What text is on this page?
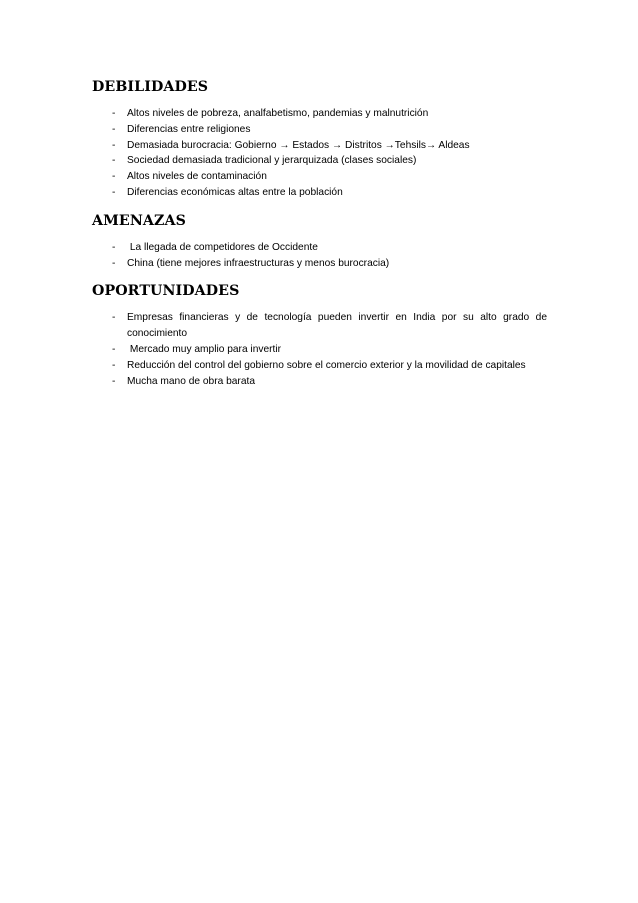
DEBILIDADES
- Altos niveles de pobreza, analfabetismo, pandemias y malnutrición
- Diferencias entre religiones
- Demasiada burocracia: Gobierno → Estados → Distritos →Tehsils→ Aldeas
- Sociedad demasiada tradicional y jerarquizada (clases sociales)
- Altos niveles de contaminación
- Diferencias económicas altas entre la población
AMENAZAS
- La llegada de competidores de Occidente
- China (tiene mejores infraestructuras y menos burocracia)
OPORTUNIDADES
- Empresas financieras y de tecnología pueden invertir en India por su alto grado de conocimiento
- Mercado muy amplio para invertir
- Reducción del control del gobierno sobre el comercio exterior y la movilidad de capitales
- Mucha mano de obra barata
